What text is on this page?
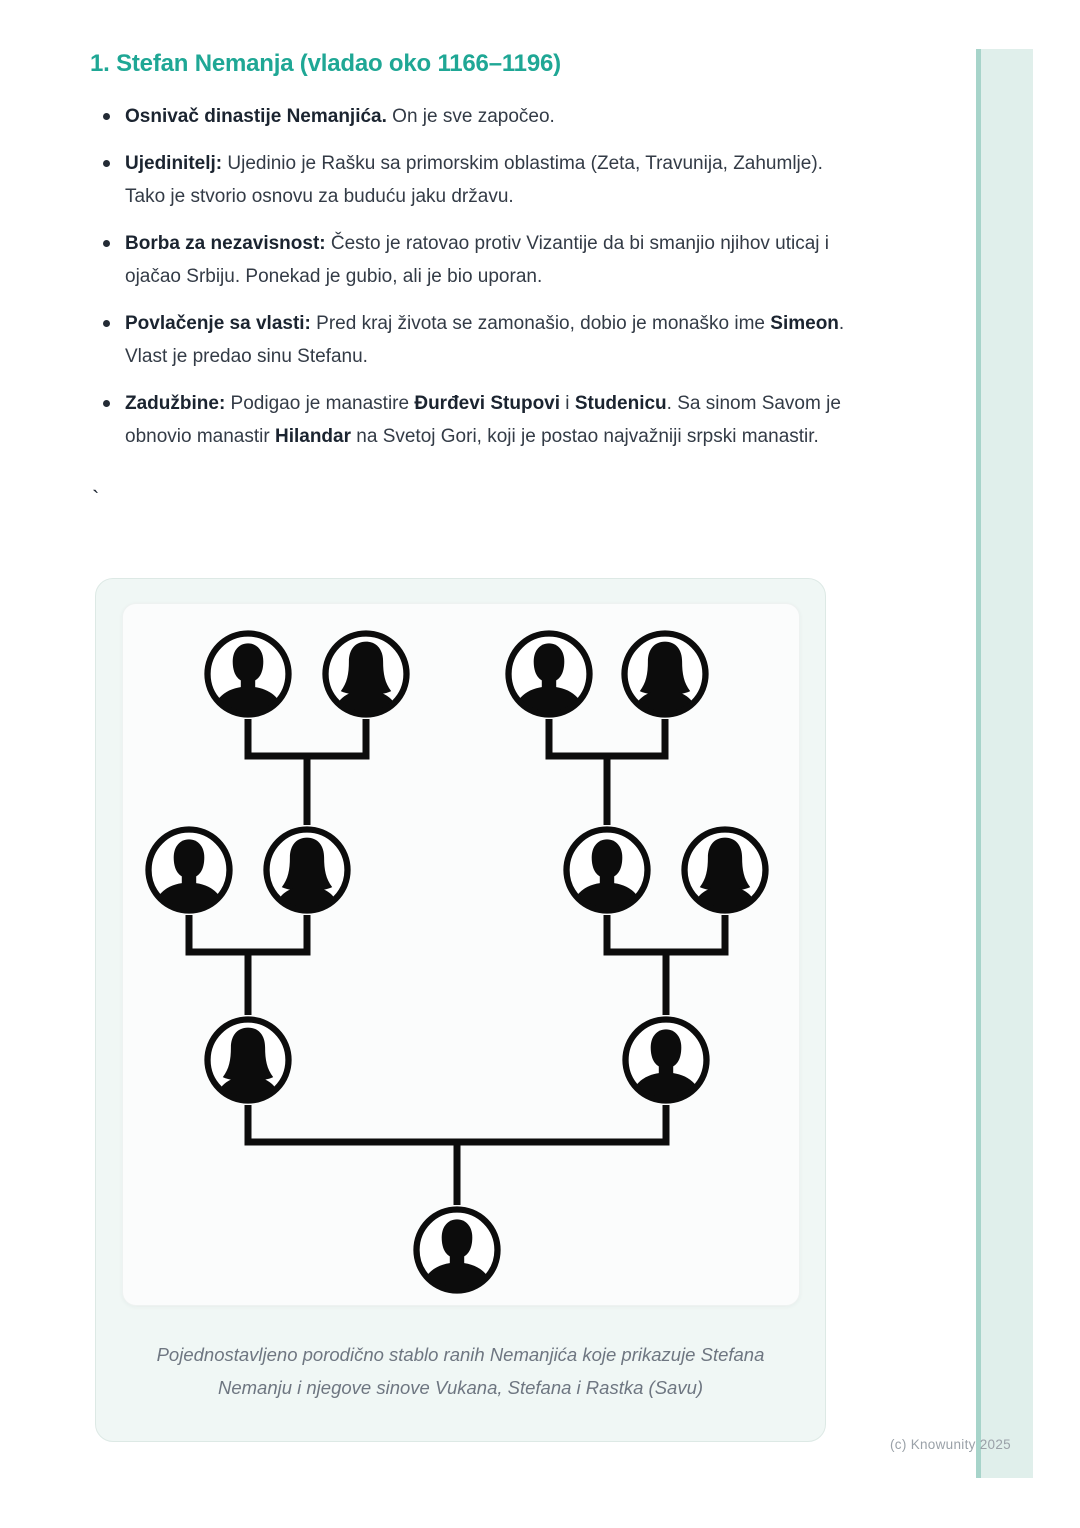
1. Stefan Nemanja (vladao oko 1166–1196)
Osnivač dinastije Nemanjića. On je sve započeo.
Ujedinitelj: Ujedinio je Rašku sa primorskim oblastima (Zeta, Travunija, Zahumlje). Tako je stvorio osnovu za buduću jaku državu.
Borba za nezavisnost: Često je ratovao protiv Vizantije da bi smanjio njihov uticaj i ojačao Srbiju. Ponekad je gubio, ali je bio uporan.
Povlačenje sa vlasti: Pred kraj života se zamonašio, dobio je monaško ime Simeon. Vlast je predao sinu Stefanu.
Zadužbine: Podigao je manastire Đurđevi Stupovi i Studenicu. Sa sinom Savom je obnovio manastir Hilandar na Svetoj Gori, koji je postao najvažniji srpski manastir.
`
Pojednostavljeno porodično stablo ranih Nemanjića koje prikazuje Stefana Nemanju i njegove sinove Vukana, Stefana i Rastka (Savu)
(c) Knowunity 2025
